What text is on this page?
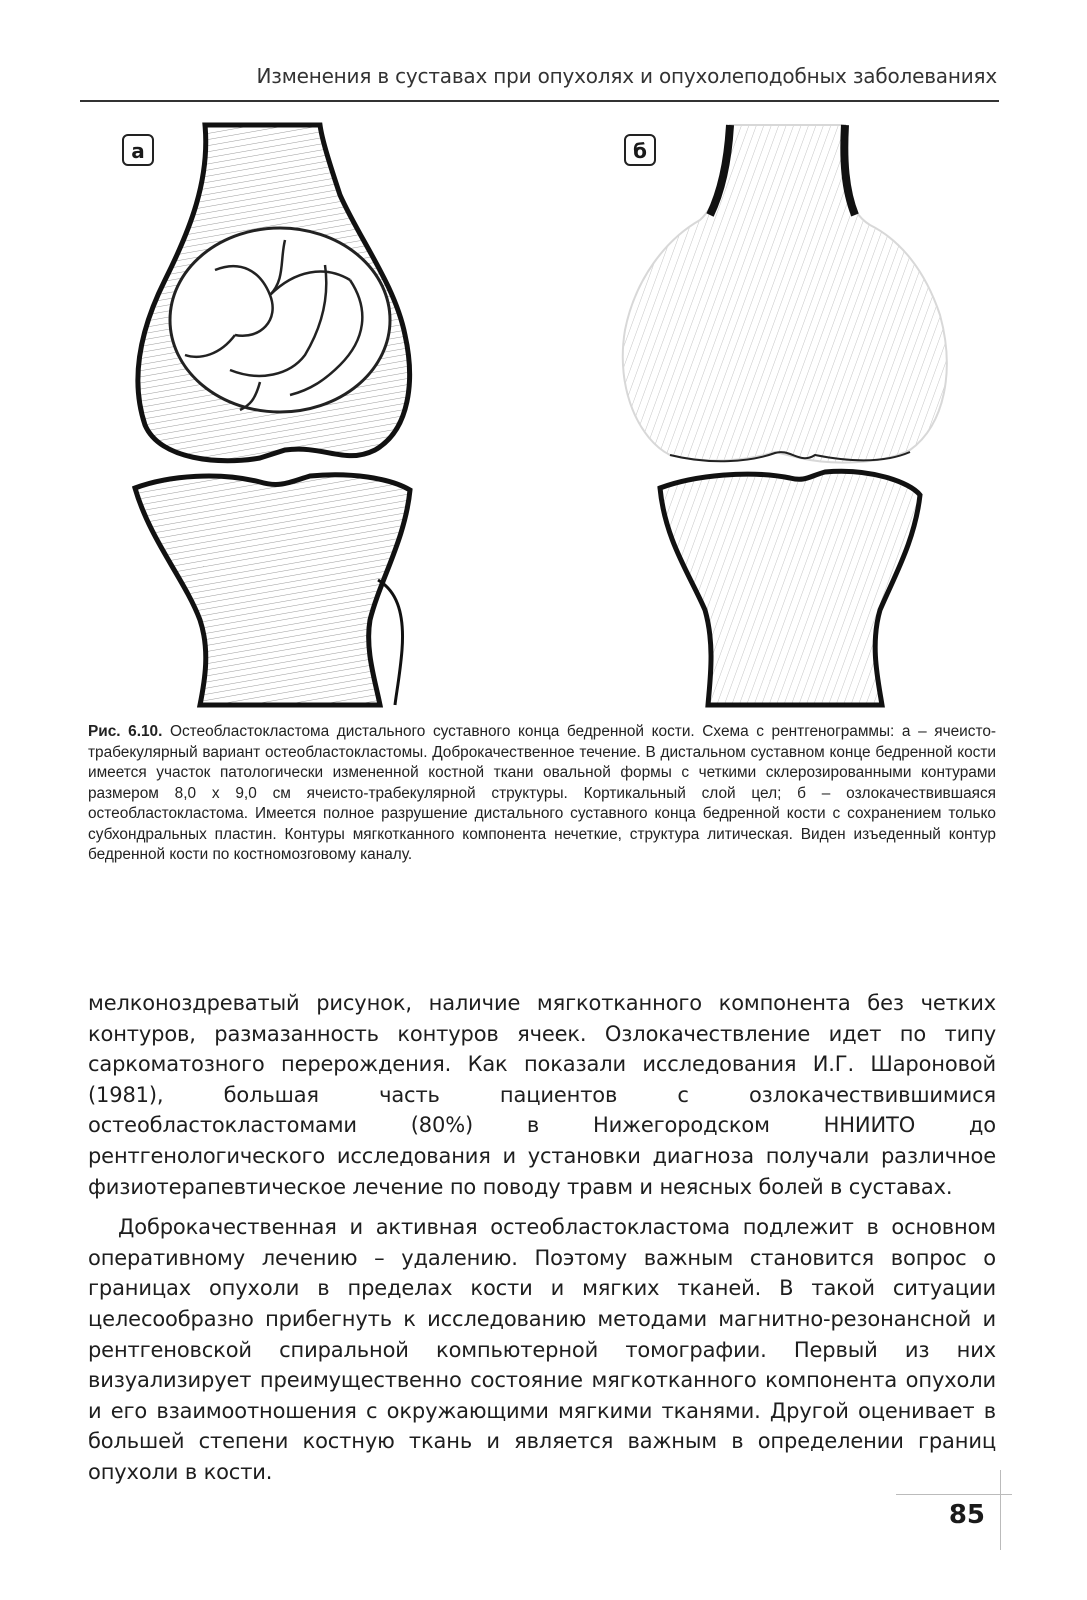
Изменения в суставах при опухолях и опухолеподобных заболеваниях
а	б
Рис. 6.10. Остеобластокластома дистального суставного конца бедренной кости. Схема с рентгенограммы: а – ячеисто-трабекулярный вариант остеобластокластомы. Доброкачественное течение. В дистальном суставном конце бедренной кости имеется участок патологически измененной костной ткани овальной формы с четкими склерозированными контурами размером 8,0 х 9,0 см ячеисто-трабекулярной структуры. Кортикальный слой цел; б – озлокачествившаяся остеобластокластома. Имеется полное разрушение дистального суставного конца бедренной кости с сохранением только субхондральных пластин. Контуры мягкотканного компонента нечеткие, структура литическая. Виден изъеденный контур бедренной кости по костномозговому каналу.

мелконоздреватый рисунок, наличие мягкотканного компонента без четких контуров, размазанность контуров ячеек. Озлокачествление идет по типу саркоматозного перерождения. Как показали исследования И.Г. Шароновой (1981), большая часть пациентов с озлокачествившимися остеобластокластомами (80%) в Нижегородском ННИИТО до рентгенологического исследования и установки диагноза получали различное физиотерапевтическое лечение по поводу травм и неясных болей в суставах.

Доброкачественная и активная остеобластокластома подлежит в основном оперативному лечению – удалению. Поэтому важным становится вопрос о границах опухоли в пределах кости и мягких тканей. В такой ситуации целесообразно прибегнуть к исследованию методами магнитно-резонансной и рентгеновской спиральной компьютерной томографии. Первый из них визуализирует преимущественно состояние мягкотканного компонента опухоли и его взаимоотношения с окружающими мягкими тканями. Другой оценивает в большей степени костную ткань и является важным в определении границ опухоли в кости.

85
